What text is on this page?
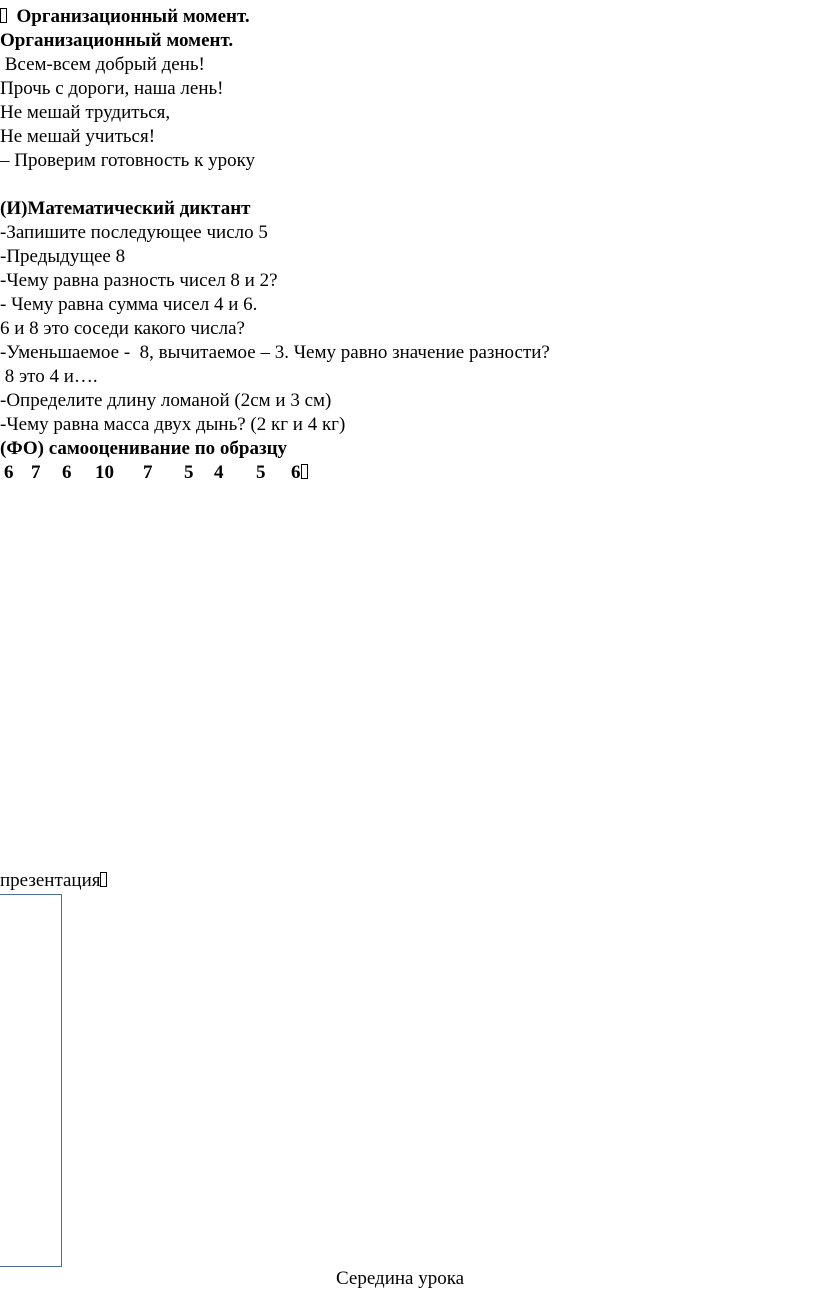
Организационный момент.
Организационный момент.
Всем-всем добрый день!
Прочь с дороги, наша лень!
Не мешай трудиться,
Не мешай учиться!
– Проверим готовность к уроку
(И)Математический диктант
-Запишите последующее число 5
-Предыдущее 8
-Чему равна разность чисел 8 и 2?
- Чему равна сумма чисел 4 и 6.
6 и 8 это соседи какого числа?
-Уменьшаемое -  8, вычитаемое – 3. Чему равно значение разности?
8 это 4 и….
-Определите длину ломаной (2см и 3 см)
-Чему равна масса двух дынь? (2 кг и 4 кг)
(ФО) самооценивание по образцу
6 7 6 10 7 5 4 5 6
презентация
Середина урока
